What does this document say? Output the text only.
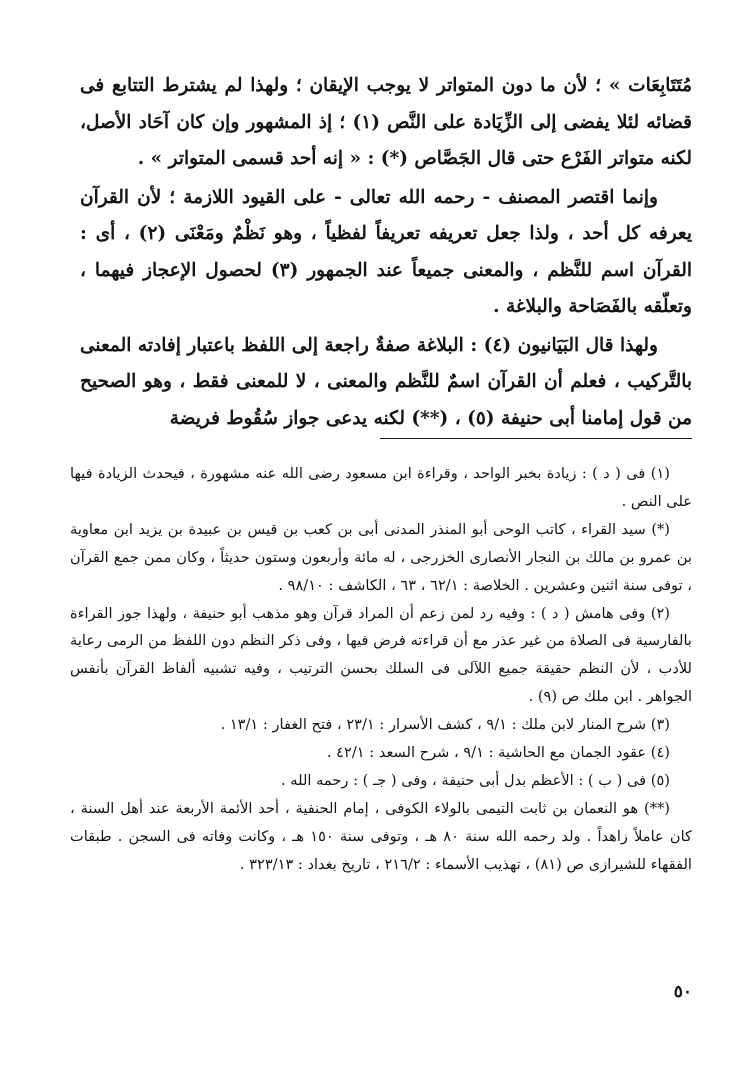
مُتَتَابِعَات » ؛ لأن ما دون المتواتر لا يوجب الإيقان ؛ ولهذا لم يشترط التتابع فى قضائه لئلا يفضى إلى الزِّيَادة على النَّص (١) ؛ إذ المشهور وإن كان آحَاد الأصل، لكنه متواتر الفَرْع حتى قال الجَصَّاص (*) : « إنه أحد قسمى المتواتر » .

وإنما اقتصر المصنف - رحمه الله تعالى - على القيود اللازمة ؛ لأن القرآن يعرفه كل أحد ، ولذا جعل تعريفه تعريفاً لفظياً ، وهو نَظْمٌ ومَعْنَى (٢) ، أى : القرآن اسم للنَّظم ، والمعنى جميعاً عند الجمهور (٣) لحصول الإعجاز فيهما ، وتعلّقه بالفَصَاحة والبلاغة .

ولهذا قال البَيَانيون (٤) : البلاغة صفةٌ راجعة إلى اللفظ باعتبار إفادته المعنى بالتَّركيب ، فعلم أن القرآن اسمٌ للنَّظم والمعنى ، لا للمعنى فقط ، وهو الصحيح من قول إمامنا أبى حنيفة (٥) ، (**) لكنه يدعى جواز سُقُوط فريضة

(١) فى ( د ) : زيادة بخبر الواحد ، وقراءة ابن مسعود رضى الله عنه مشهورة ، فيحدث الزيادة فيها على النص .

(*) سيد القراء ، كاتب الوحى أبو المنذر المدنى أبى بن كعب بن قيس بن عبيدة بن يزيد ابن معاوية بن عمرو بن مالك بن النجار الأنصارى الخزرجى ، له مائة وأربعون وستون حديثاً ، وكان ممن جمع القرآن ، توفى سنة اثنين وعشرين . الخلاصة : ٦٢/١ ، ٦٣ ، الكاشف : ٩٨/١٠ .

(٢) وفى هامش ( د ) : وفيه رد لمن زعم أن المراد قرآن وهو مذهب أبو حنيفة ، ولهذا جوز القراءة بالفارسية فى الصلاة من غير عذر مع أن قراءته فرض فيها ، وفى ذكر النظم دون اللفظ من الرمى رعاية للأدب ، لأن النظم حقيقة جميع اللآلى فى السلك بحسن الترتيب ، وفيه تشبيه ألفاظ القرآن بأنفس الجواهر . ابن ملك ص (٩) .

(٣) شرح المنار لابن ملك : ٩/١ ، كشف الأسرار : ٢٣/١ ، فتح الغفار : ١٣/١ .

(٤) عقود الجمان مع الحاشية : ٩/١ ، شرح السعد : ٤٢/١ .

(٥) فى ( ب ) : الأعظم بدل أبى حنيفة ، وفى ( جـ ) : رحمه الله .

(**) هو النعمان بن ثابت التيمى بالولاء الكوفى ، إمام الحنفية ، أحد الأئمة الأربعة عند أهل السنة ، كان عاملاً زاهداً . ولد رحمه الله سنة ٨٠ هـ ، وتوفى سنة ١٥٠ هـ ، وكانت وفاته فى السجن . طبقات الفقهاء للشيرازى ص (٨١) ، تهذيب الأسماء : ٢١٦/٢ ، تاريخ بغداد : ٣٢٣/١٣ .

٥٠
